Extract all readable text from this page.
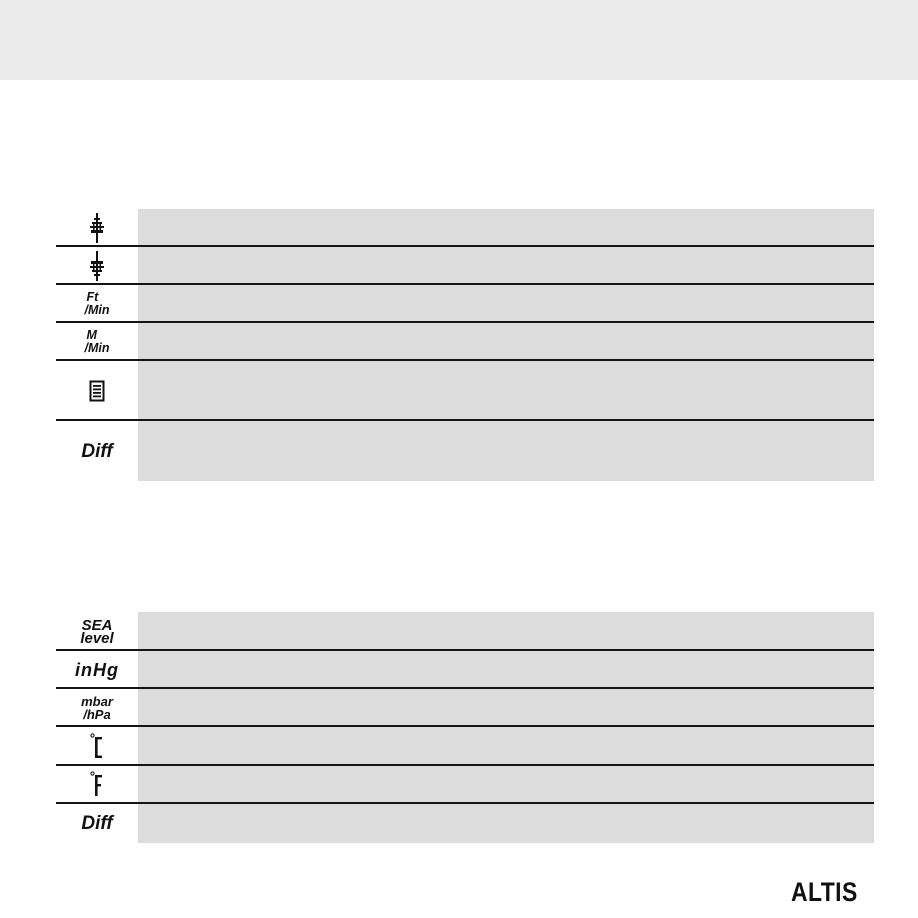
Ft
/Min
M
/Min
Diff
SEA
level
inHg
mbar
/hPa
Diff
ALTIS
